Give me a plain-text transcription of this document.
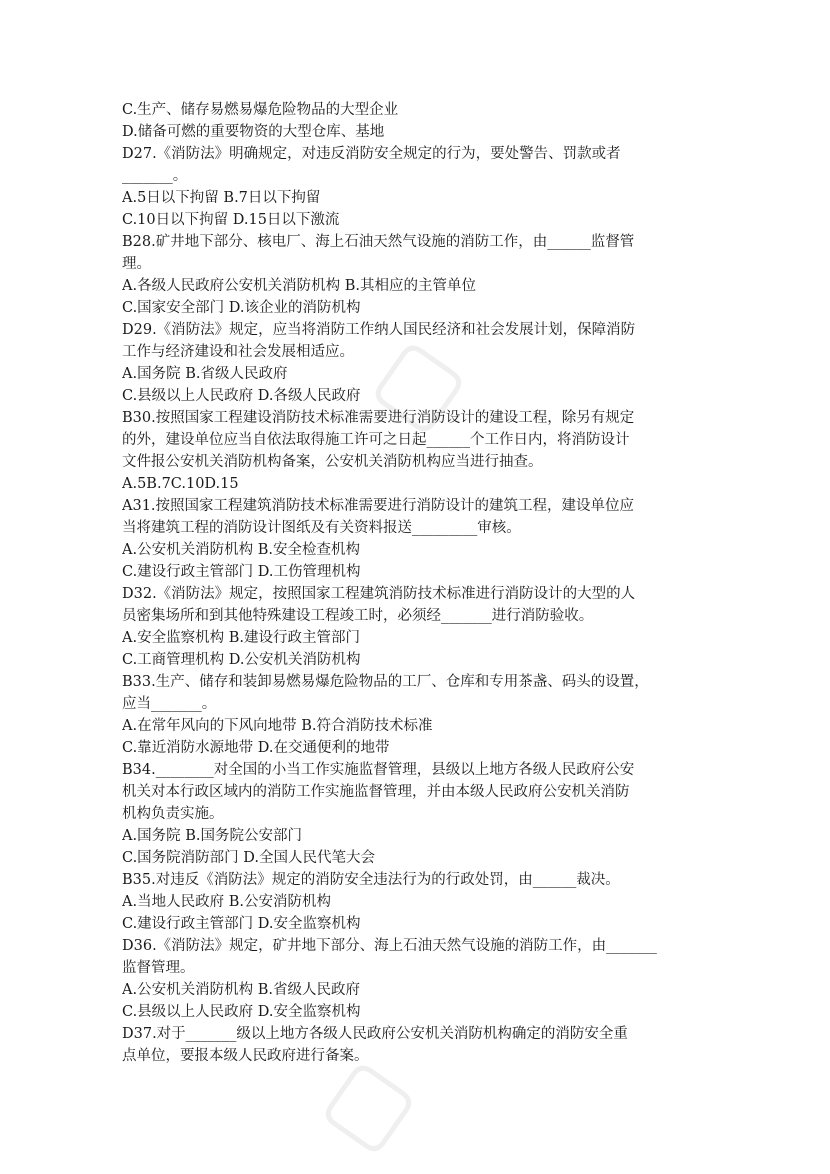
▢
▢
C.生产、储存易燃易爆危险物品的大型企业
D.储备可燃的重要物资的大型仓库、基地
D27.《消防法》明确规定，对违反消防安全规定的行为，要处警告、罚款或者
_______。
A.5日以下拘留 B.7日以下拘留
C.10日以下拘留 D.15日以下激流
B28.矿井地下部分、核电厂、海上石油天然气设施的消防工作，由______监督管
理。
A.各级人民政府公安机关消防机构 B.其相应的主管单位
C.国家安全部门 D.该企业的消防机构
D29.《消防法》规定，应当将消防工作纳人国民经济和社会发展计划，保障消防
工作与经济建设和社会发展相适应。
A.国务院 B.省级人民政府
C.县级以上人民政府 D.各级人民政府
B30.按照国家工程建设消防技术标准需要进行消防设计的建设工程，除另有规定
的外，建设单位应当自依法取得施工许可之日起______个工作日内，将消防设计
文件报公安机关消防机构备案，公安机关消防机构应当进行抽查。
A.5B.7C.10D.15
A31.按照国家工程建筑消防技术标准需要进行消防设计的建筑工程，建设单位应
当将建筑工程的消防设计图纸及有关资料报送_________审核。
A.公安机关消防机构 B.安全检查机构
C.建设行政主管部门 D.工伤管理机构
D32.《消防法》规定，按照国家工程建筑消防技术标准进行消防设计的大型的人
员密集场所和到其他特殊建设工程竣工时，必须经_______进行消防验收。
A.安全监察机构 B.建设行政主管部门
C.工商管理机构 D.公安机关消防机构
B33.生产、储存和装卸易燃易爆危险物品的工厂、仓库和专用茶盏、码头的设置，
应当_______。
A.在常年风向的下风向地带 B.符合消防技术标准
C.靠近消防水源地带 D.在交通便利的地带
B34.________对全国的小当工作实施监督管理，县级以上地方各级人民政府公安
机关对本行政区域内的消防工作实施监督管理，并由本级人民政府公安机关消防
机构负责实施。
A.国务院 B.国务院公安部门
C.国务院消防部门 D.全国人民代笔大会
B35.对违反《消防法》规定的消防安全违法行为的行政处罚，由______裁决。
A.当地人民政府 B.公安消防机构
C.建设行政主管部门 D.安全监察机构
D36.《消防法》规定，矿井地下部分、海上石油天然气设施的消防工作，由_______
监督管理。
A.公安机关消防机构 B.省级人民政府
C.县级以上人民政府 D.安全监察机构
D37.对于_______级以上地方各级人民政府公安机关消防机构确定的消防安全重
点单位，要报本级人民政府进行备案。
